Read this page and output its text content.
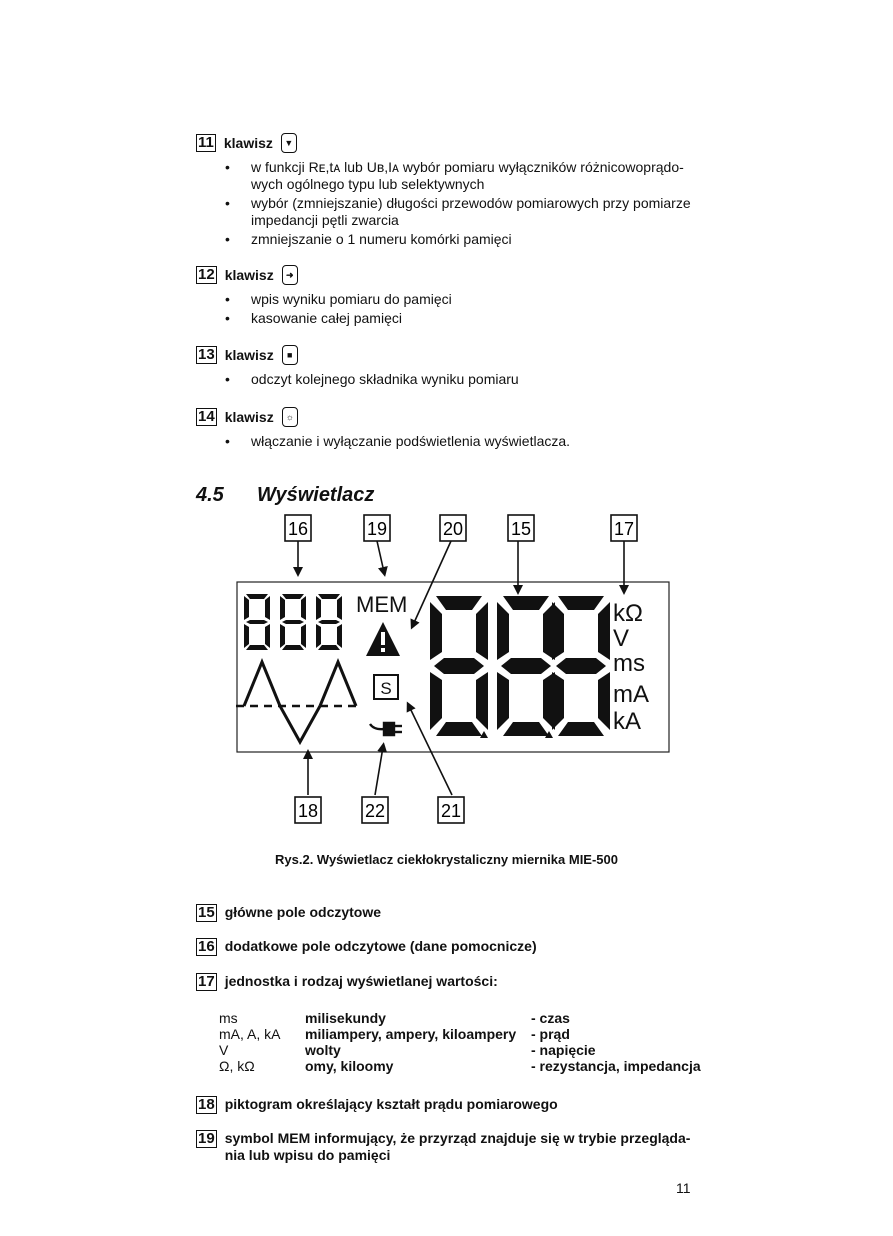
11 klawisz	▼
• w funkcji Rᴇ,tᴀ lub Uʙ,Iᴀ wybór pomiaru wyłączników różnicowoprądo-
wych ogólnego typu lub selektywnych
• wybór (zmniejszanie) długości przewodów pomiarowych przy pomiarze
impedancji pętli zwarcia
• zmniejszanie o 1 numeru komórki pamięci
12 klawisz	➜
• wpis wyniku pomiaru do pamięci
• kasowanie całej pamięci
13 klawisz	■
• odczyt kolejnego składnika wyniku pomiaru
14 klawisz	☼
• włączanie i wyłączanie podświetlenia wyświetlacza.
4.5 Wyświetlacz
16	19	20	15	17
MEM
S
kΩ
V
ms
mA
kA
18	22	21
Rys.2. Wyświetlacz ciekłokrystaliczny miernika MIE-500
15 główne pole odczytowe
16 dodatkowe pole odczytowe (dane pomocnicze)
17 jednostka i rodzaj wyświetlanej wartości:
ms	milisekundy	- czas
mA, A, kA	miliampery, ampery, kiloampery	- prąd
V	wolty	- napięcie
Ω, kΩ	omy, kiloomy	- rezystancja, impedancja
18 piktogram określający kształt prądu pomiarowego
19 symbol MEM informujący, że przyrząd znajduje się w trybie przegląda-
nia lub wpisu do pamięci
11
